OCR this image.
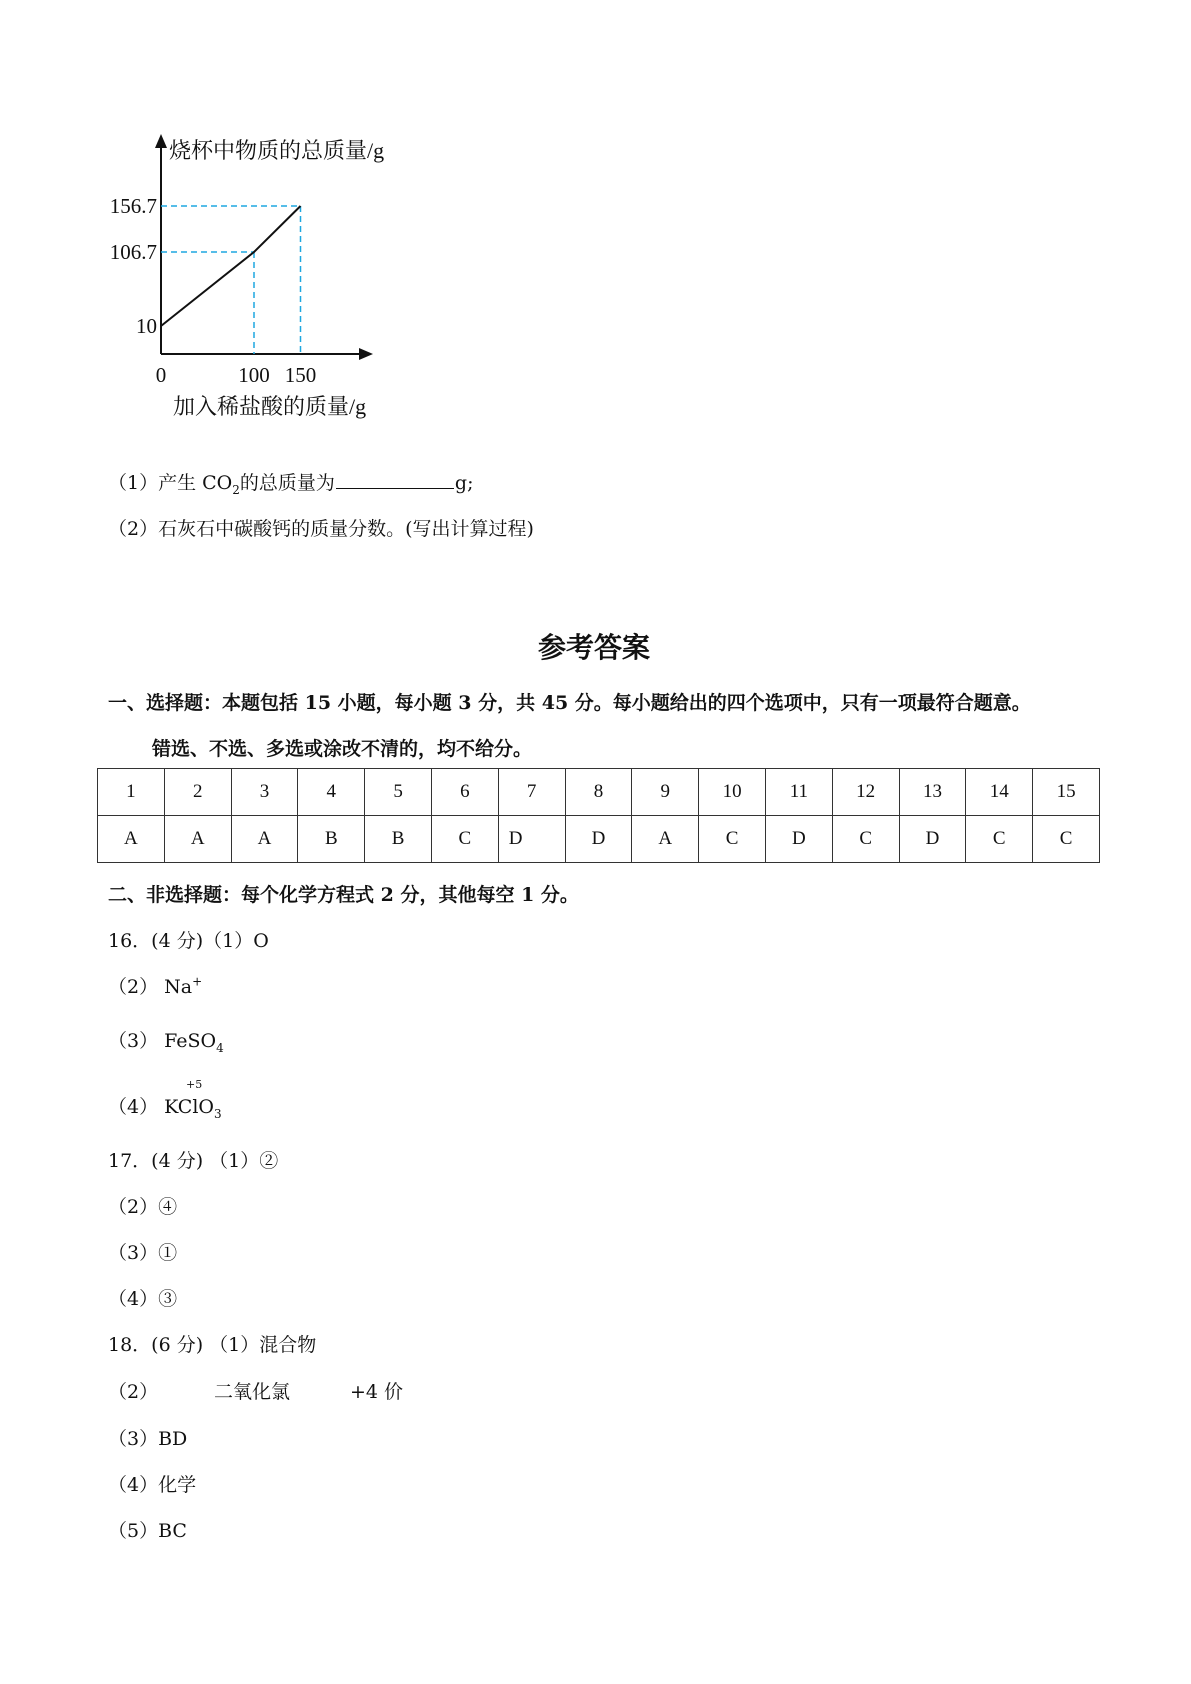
烧杯中物质的总质量/g
加入稀盐酸的质量/g
10
106.7
156.7
0	100 150
（1）产生 $CO_2$的总质量为	g;
（2）石灰石中碳酸钙的质量分数。(写出计算过程)
参考答案
一、选择题：本题包括 15 小题，每小题 3 分，共 45 分。每小题给出的四个选项中，只有一项最符合题意。
错选、不选、多选或涂改不清的，均不给分。
1	2	3	4	5	6	7	8	9	10	11	12	13	14	15
A	A	A	B	B	C	D	D	A	C	D	C	D	C	C
二、非选择题：每个化学方程式 2 分，其他每空 1 分。
16．(4 分)（1）O
（2） Na+
（3） FeSO$_4$
（4） KClO$_3$
+5
17．(4 分) （1）②
（2）④
（3）①
（4）③
18．(6 分) （1）混合物
（2）	二氧化氯	+4 价
（3）BD
（4）化学
（5）BC
